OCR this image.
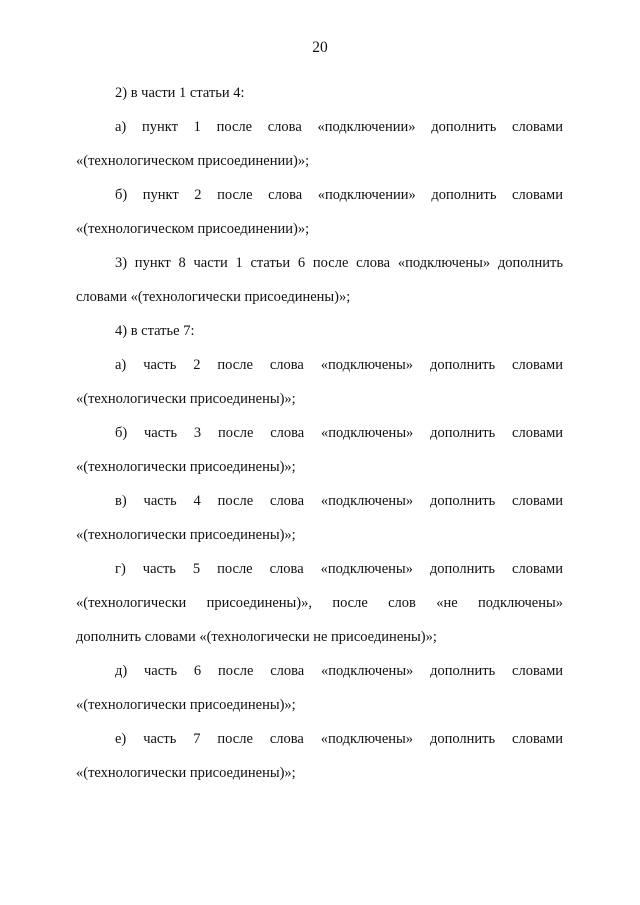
20
2) в части 1 статьи 4:
а) пункт 1 после слова «подключении» дополнить словами
«(технологическом присоединении)»;
б) пункт 2 после слова «подключении» дополнить словами
«(технологическом присоединении)»;
3) пункт 8 части 1 статьи 6 после слова «подключены» дополнить
словами «(технологически присоединены)»;
4) в статье 7:
а) часть 2 после слова «подключены» дополнить словами
«(технологически присоединены)»;
б) часть 3 после слова «подключены» дополнить словами
«(технологически присоединены)»;
в) часть 4 после слова «подключены» дополнить словами
«(технологически присоединены)»;
г) часть 5 после слова «подключены» дополнить словами
«(технологически присоединены)», после слов «не подключены»
дополнить словами «(технологически не присоединены)»;
д) часть 6 после слова «подключены» дополнить словами
«(технологически присоединены)»;
е) часть 7 после слова «подключены» дополнить словами
«(технологически присоединены)»;
